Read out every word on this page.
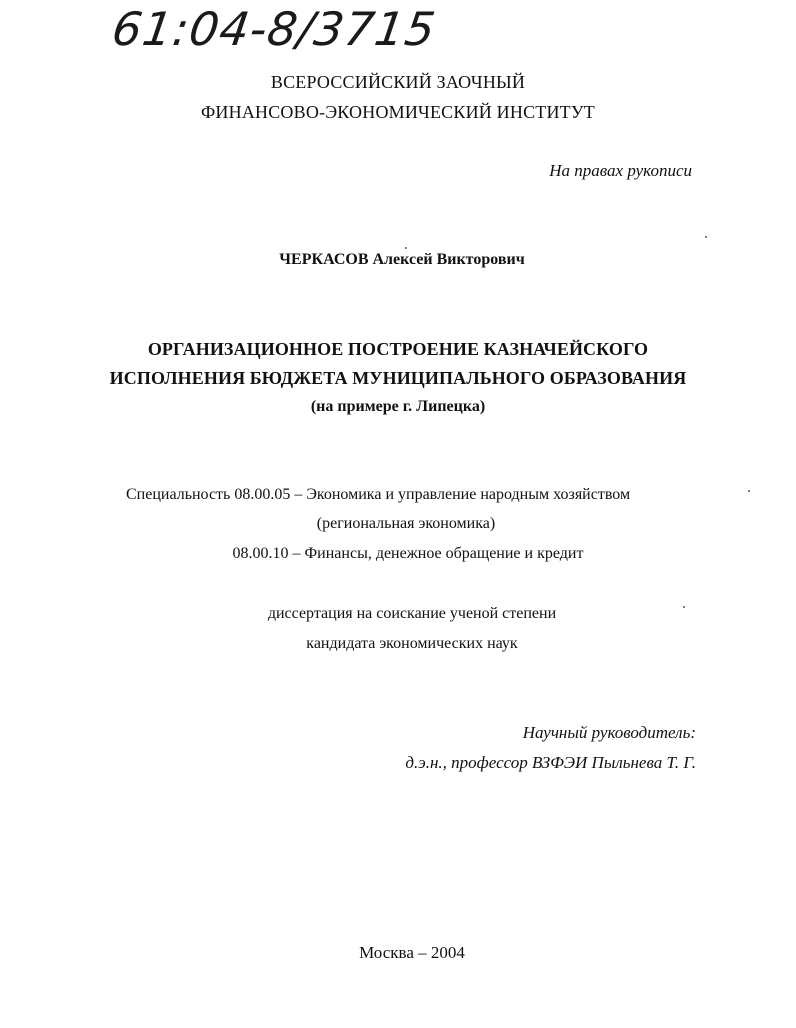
61:04-8/3715
ВСЕРОССИЙСКИЙ ЗАОЧНЫЙ
ФИНАНСОВО-ЭКОНОМИЧЕСКИЙ ИНСТИТУТ
На правах рукописи
ЧЕРКАСОВ Алексей Викторович
ОРГАНИЗАЦИОННОЕ ПОСТРОЕНИЕ КАЗНАЧЕЙСКОГО
ИСПОЛНЕНИЯ БЮДЖЕТА МУНИЦИПАЛЬНОГО ОБРАЗОВАНИЯ
(на примере г. Липецка)
Специальность 08.00.05 – Экономика и управление народным хозяйством
(региональная экономика)
08.00.10 – Финансы, денежное обращение и кредит
диссертация на соискание ученой степени
кандидата экономических наук
Научный руководитель:
д.э.н., профессор ВЗФЭИ Пыльнева Т. Г.
Москва – 2004
